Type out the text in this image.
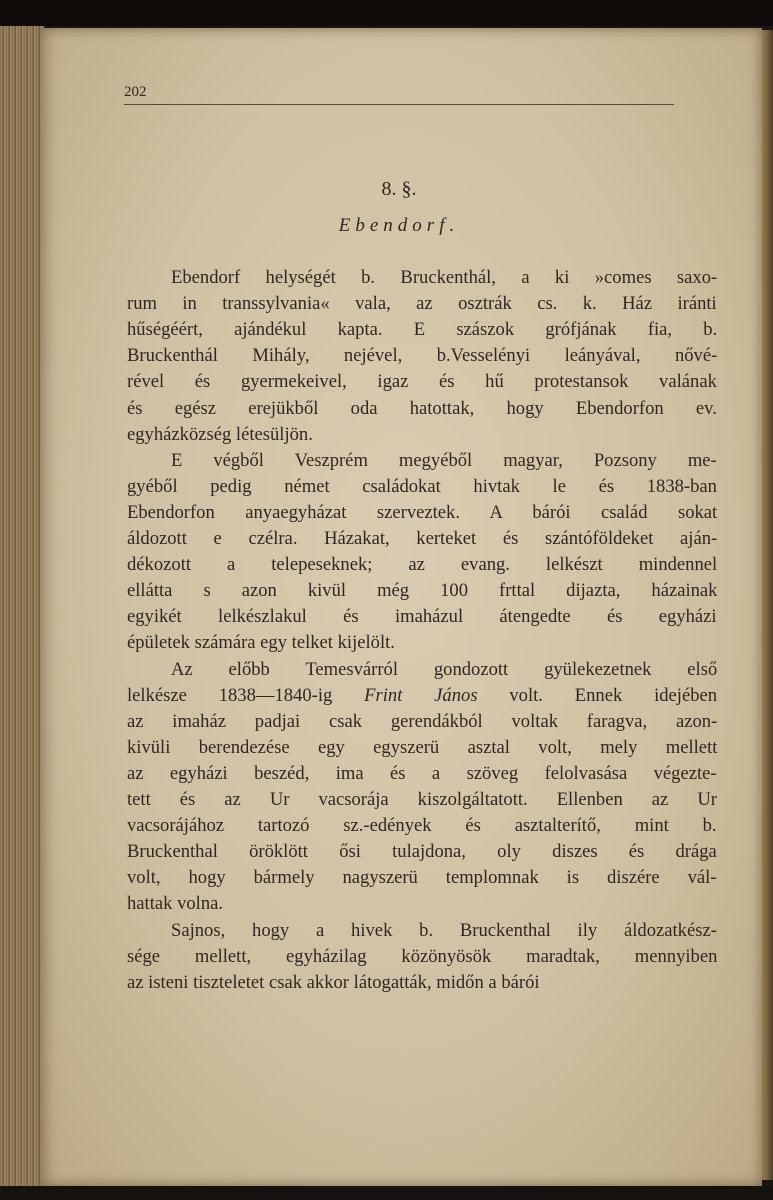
202
8. §.
Ebendorf.
Ebendorf helységét b. Bruckenthál, a ki »comes saxo-
rum in transsylvania« vala, az osztrák cs. k. Ház iránti
hűségéért, ajándékul kapta. E szászok grófjának fia, b.
Bruckenthál Mihály, nejével, b.Vesselényi leányával, nővé-
rével és gyermekeivel, igaz és hű protestansok valának
és egész erejükből oda hatottak, hogy Ebendorfon ev.
egyházközség létesüljön.
E végből Veszprém megyéből magyar, Pozsony me-
gyéből pedig német családokat hivtak le és 1838-ban
Ebendorfon anyaegyházat szerveztek. A bárói család sokat
áldozott e czélra. Házakat, kerteket és szántóföldeket aján-
dékozott a telepeseknek; az evang. lelkészt mindennel
ellátta s azon kivül még 100 frttal dijazta, házainak
egyikét lelkészlakul és imaházul átengedte és egyházi
épületek számára egy telket kijelölt.
Az előbb Temesvárról gondozott gyülekezetnek első
lelkésze 1838—1840-ig Frint János volt. Ennek idejében
az imaház padjai csak gerendákból voltak faragva, azon-
kivüli berendezése egy egyszerü asztal volt, mely mellett
az egyházi beszéd, ima és a szöveg felolvasása végezte-
tett és az Ur vacsorája kiszolgáltatott. Ellenben az Ur
vacsorájához tartozó sz.-edények és asztalterítő, mint b.
Bruckenthal öröklött ősi tulajdona, oly diszes és drága
volt, hogy bármely nagyszerü templomnak is diszére vál-
hattak volna.
Sajnos, hogy a hivek b. Bruckenthal ily áldozatkész-
sége mellett, egyházilag közönyösök maradtak, mennyiben
az isteni tiszteletet csak akkor látogatták, midőn a bárói
